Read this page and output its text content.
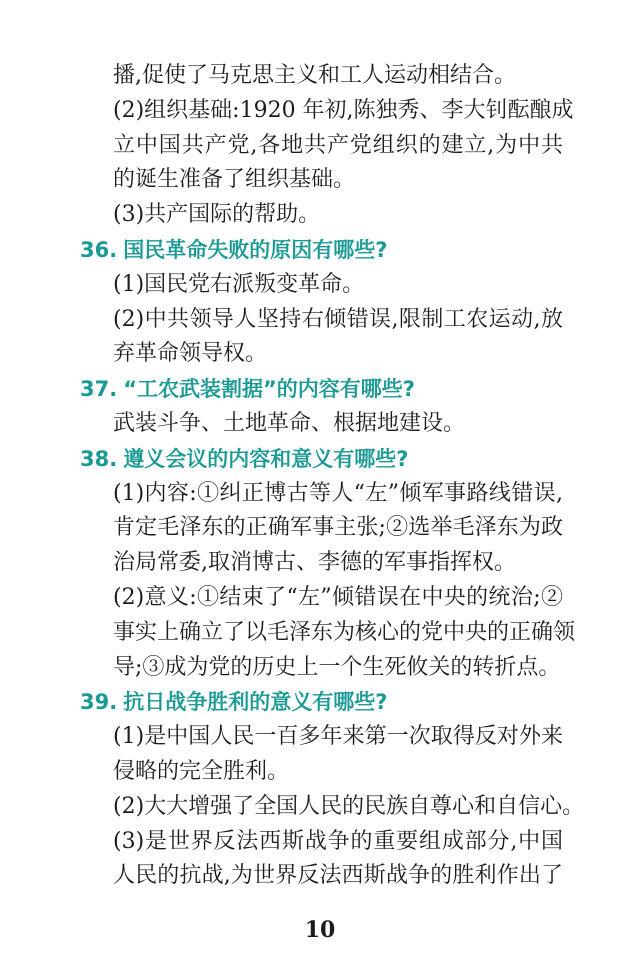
播,促使了马克思主义和工人运动相结合。
(2)组织基础:1920 年初,陈独秀、李大钊酝酿成
立中国共产党,各地共产党组织的建立,为中共
的诞生准备了组织基础。
(3)共产国际的帮助。
36. 国民革命失败的原因有哪些?
(1)国民党右派叛变革命。
(2)中共领导人坚持右倾错误,限制工农运动,放
弃革命领导权。
37. “工农武装割据”的内容有哪些?
武装斗争、土地革命、根据地建设。
38. 遵义会议的内容和意义有哪些?
(1)内容:①纠正博古等人“左”倾军事路线错误,
肯定毛泽东的正确军事主张;②选举毛泽东为政
治局常委,取消博古、李德的军事指挥权。
(2)意义:①结束了“左”倾错误在中央的统治;②
事实上确立了以毛泽东为核心的党中央的正确领
导;③成为党的历史上一个生死攸关的转折点。
39. 抗日战争胜利的意义有哪些?
(1)是中国人民一百多年来第一次取得反对外来
侵略的完全胜利。
(2)大大增强了全国人民的民族自尊心和自信心。
(3)是世界反法西斯战争的重要组成部分,中国
人民的抗战,为世界反法西斯战争的胜利作出了
10
